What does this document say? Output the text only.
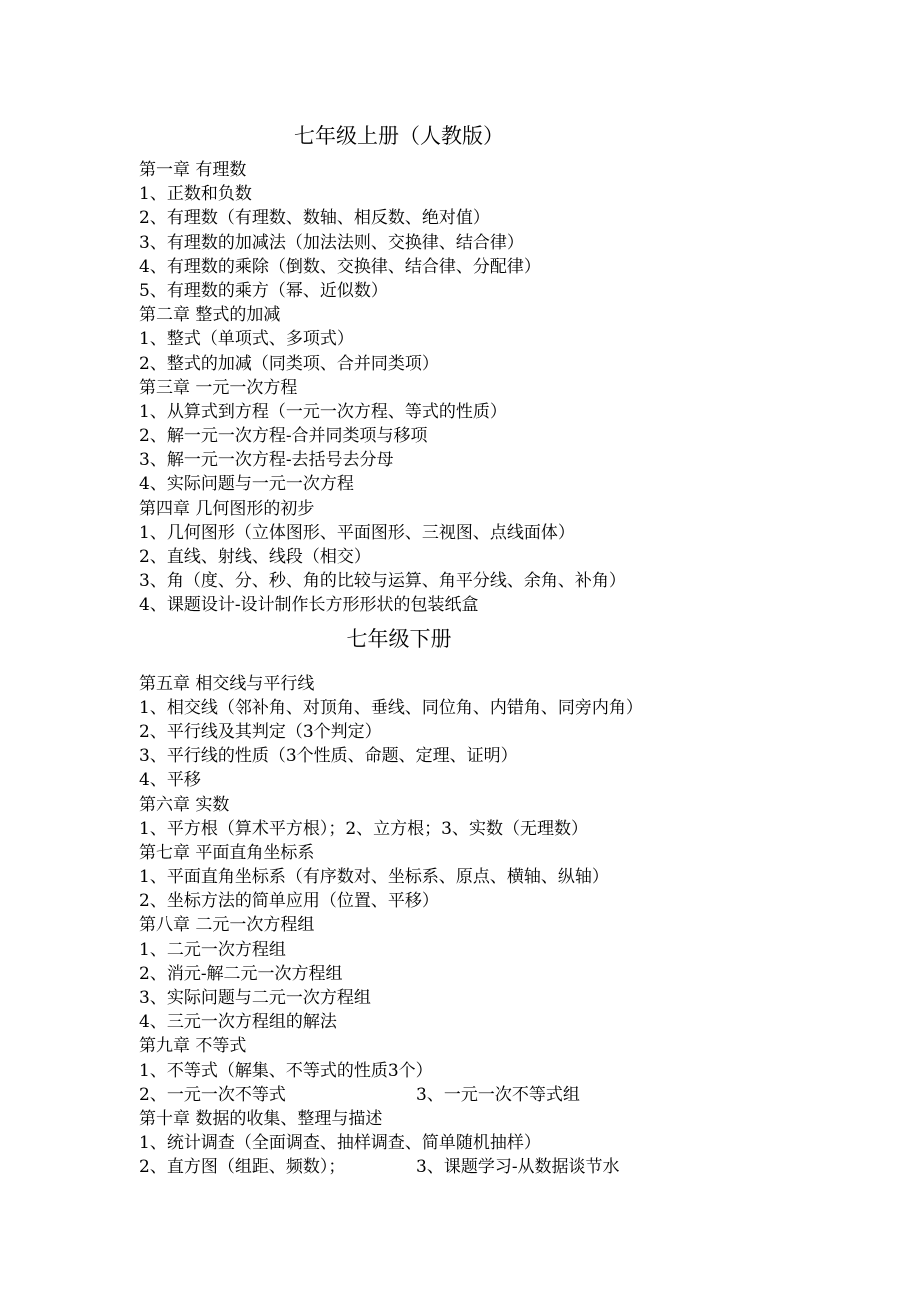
七年级上册（人教版）

第一章 有理数

1、正数和负数

2、有理数（有理数、数轴、相反数、绝对值）

3、有理数的加减法（加法法则、交换律、结合律）

4、有理数的乘除（倒数、交换律、结合律、分配律）

5、有理数的乘方（幂、近似数）

第二章 整式的加减

1、整式（单项式、多项式）

2、整式的加减（同类项、合并同类项）

第三章 一元一次方程

1、从算式到方程（一元一次方程、等式的性质）

2、解一元一次方程-合并同类项与移项

3、解一元一次方程-去括号去分母

4、实际问题与一元一次方程

第四章 几何图形的初步

1、几何图形（立体图形、平面图形、三视图、点线面体）

2、直线、射线、线段（相交）

3、角（度、分、秒、角的比较与运算、角平分线、余角、补角）

4、课题设计-设计制作长方形形状的包装纸盒

七年级下册

第五章 相交线与平行线

1、相交线（邻补角、对顶角、垂线、同位角、内错角、同旁内角）

2、平行线及其判定（3个判定）

3、平行线的性质（3个性质、命题、定理、证明）

4、平移

第六章 实数

1、平方根（算术平方根）；2、立方根；3、实数（无理数）

第七章 平面直角坐标系

1、平面直角坐标系（有序数对、坐标系、原点、横轴、纵轴）

2、坐标方法的简单应用（位置、平移）

第八章 二元一次方程组

1、二元一次方程组

2、消元-解二元一次方程组

3、实际问题与二元一次方程组

4、三元一次方程组的解法

第九章 不等式

1、不等式（解集、不等式的性质3个）

2、一元一次不等式	3、一元一次不等式组

第十章 数据的收集、整理与描述

1、统计调查（全面调查、抽样调查、简单随机抽样）

2、直方图（组距、频数）；	3、课题学习-从数据谈节水
